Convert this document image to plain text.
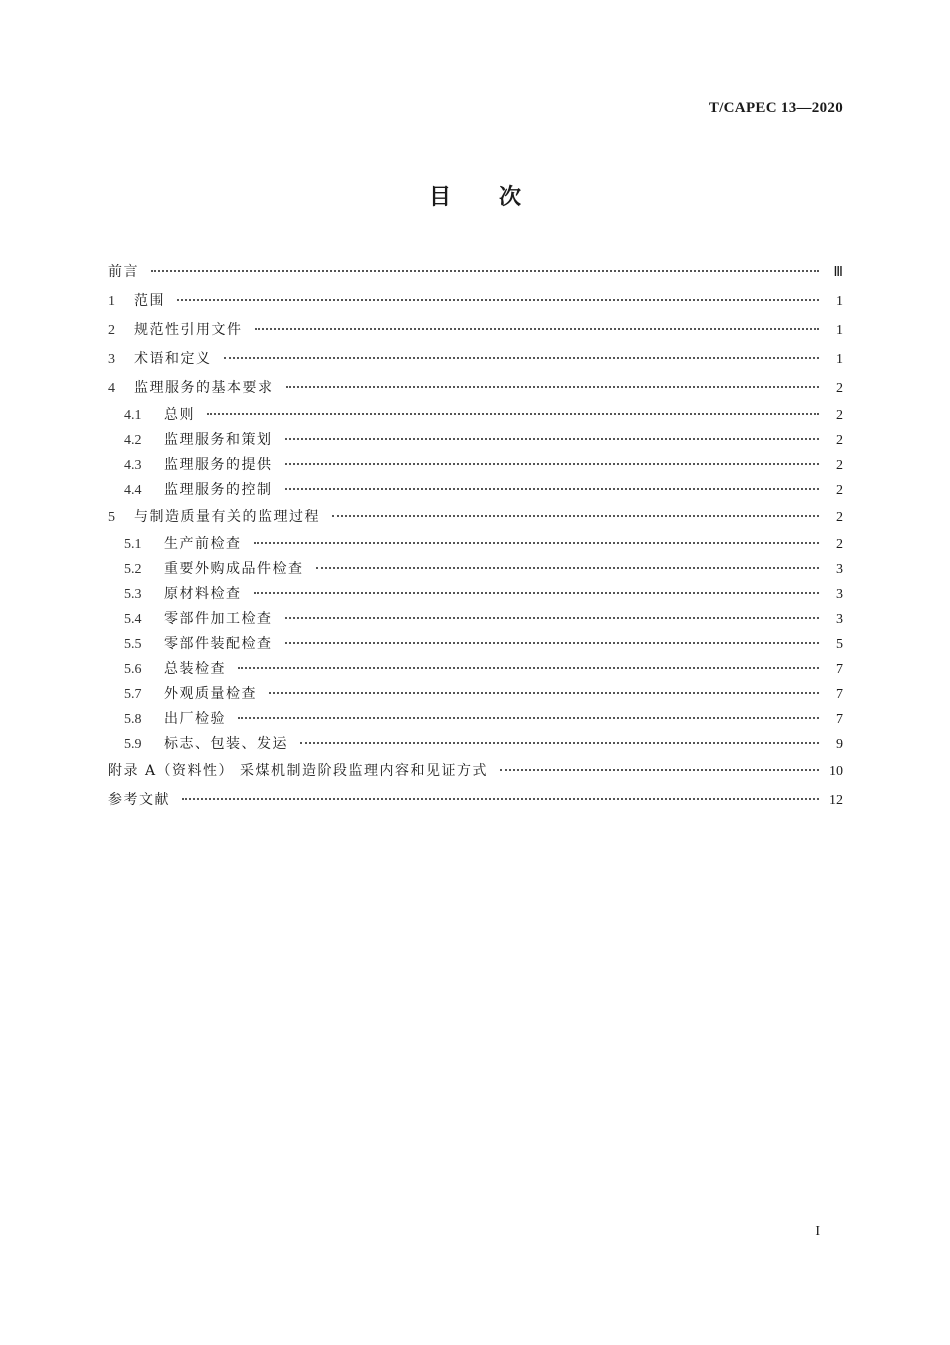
T/CAPEC 13—2020
目 次
前言	Ⅲ
1	范围	1
2	规范性引用文件	1
3	术语和定义	1
4	监理服务的基本要求	2
4.1	总则	2
4.2	监理服务和策划	2
4.3	监理服务的提供	2
4.4	监理服务的控制	2
5	与制造质量有关的监理过程	2
5.1	生产前检查	2
5.2	重要外购成品件检查	3
5.3	原材料检查	3
5.4	零部件加工检查	3
5.5	零部件装配检查	5
5.6	总装检查	7
5.7	外观质量检查	7
5.8	出厂检验	7
5.9	标志、包装、发运	9
附录 A（资料性） 采煤机制造阶段监理内容和见证方式	10
参考文献	12
I
